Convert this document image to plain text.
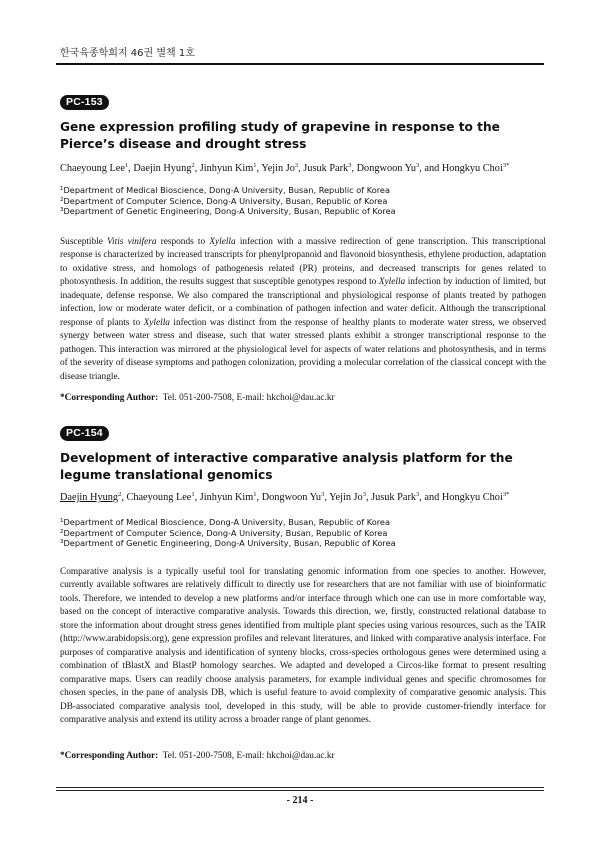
한국육종학회지 46권 별책 1호
PC-153
Gene expression profiling study of grapevine in response to the Pierce’s disease and drought stress
Chaeyoung Lee$^1$, Daejin Hyung$^2$, Jinhyun Kim$^1$, Yejin Jo$^3$, Jusuk Park$^3$, Dongwoon Yu$^3$, and Hongkyu Choi$^{3*}$
$^1$Department of Medical Bioscience, Dong-A University, Busan, Republic of Korea
$^2$Department of Computer Science, Dong-A University, Busan, Republic of Korea
$^3$Department of Genetic Engineering, Dong-A University, Busan, Republic of Korea

Susceptible Vitis vinifera responds to Xylella infection with a massive redirection of gene transcription. This transcriptional response is characterized by increased transcripts for phenylpropanoid and flavonoid biosynthesis, ethylene production, adaptation to oxidative stress, and homologs of pathogenesis related (PR) proteins, and decreased transcripts for genes related to photosynthesis. In addition, the results suggest that susceptible genotypes respond to Xylella infection by induction of limited, but inadequate, defense response. We also compared the transcriptional and physiological response of plants treated by pathogen infection, low or moderate water deficit, or a combination of pathogen infection and water deficit. Although the transcriptional response of plants to Xylella infection was distinct from the response of healthy plants to moderate water stress, we observed synergy between water stress and disease, such that water stressed plants exhibit a stronger transcriptional response to the pathogen. This interaction was mirrored at the physiological level for aspects of water relations and photosynthesis, and in terms of the severity of disease symptoms and pathogen colonization, providing a molecular correlation of the classical concept with the disease triangle.

*Corresponding Author: Tel. 051-200-7508, E-mail: hkchoi@dau.ac.kr
PC-154
Development of interactive comparative analysis platform for the legume translational genomics
Daejin Hyung$^2$, Chaeyoung Lee$^1$, Jinhyun Kim$^1$, Dongwoon Yu$^3$, Yejin Jo$^3$, Jusuk Park$^3$, and Hongkyu Choi$^{3*}$
$^1$Department of Medical Bioscience, Dong-A University, Busan, Republic of Korea
$^2$Department of Computer Science, Dong-A University, Busan, Republic of Korea
$^3$Department of Genetic Engineering, Dong-A University, Busan, Republic of Korea

Comparative analysis is a typically useful tool for translating genomic information from one species to another. However, currently available softwares are relatively difficult to directly use for researchers that are not familiar with use of bioinformatic tools. Therefore, we intended to develop a new platforms and/or interface through which one can use in more comfortable way, based on the concept of interactive comparative analysis. Towards this direction, we, firstly, constructed relational database to store the information about drought stress genes identified from multiple plant species using various resources, such as the TAIR (http://www.arabidopsis.org), gene expression profiles and relevant literatures, and linked with comparative analysis interface. For purposes of comparative analysis and identification of synteny blocks, cross-species orthologous genes were determined using a combination of tBlastX and BlastP homology searches. We adapted and developed a Circos-like format to present resulting comparative maps. Users can readily choose analysis parameters, for example individual genes and specific chromosomes for chosen species, in the pane of analysis DB, which is useful feature to avoid complexity of comparative genomic analysis. This DB-associated comparative analysis tool, developed in this study, will be able to provide customer-friendly interface for comparative analysis and extend its utility across a broader range of plant genomes.

*Corresponding Author: Tel. 051-200-7508, E-mail: hkchoi@dau.ac.kr
- 214 -
